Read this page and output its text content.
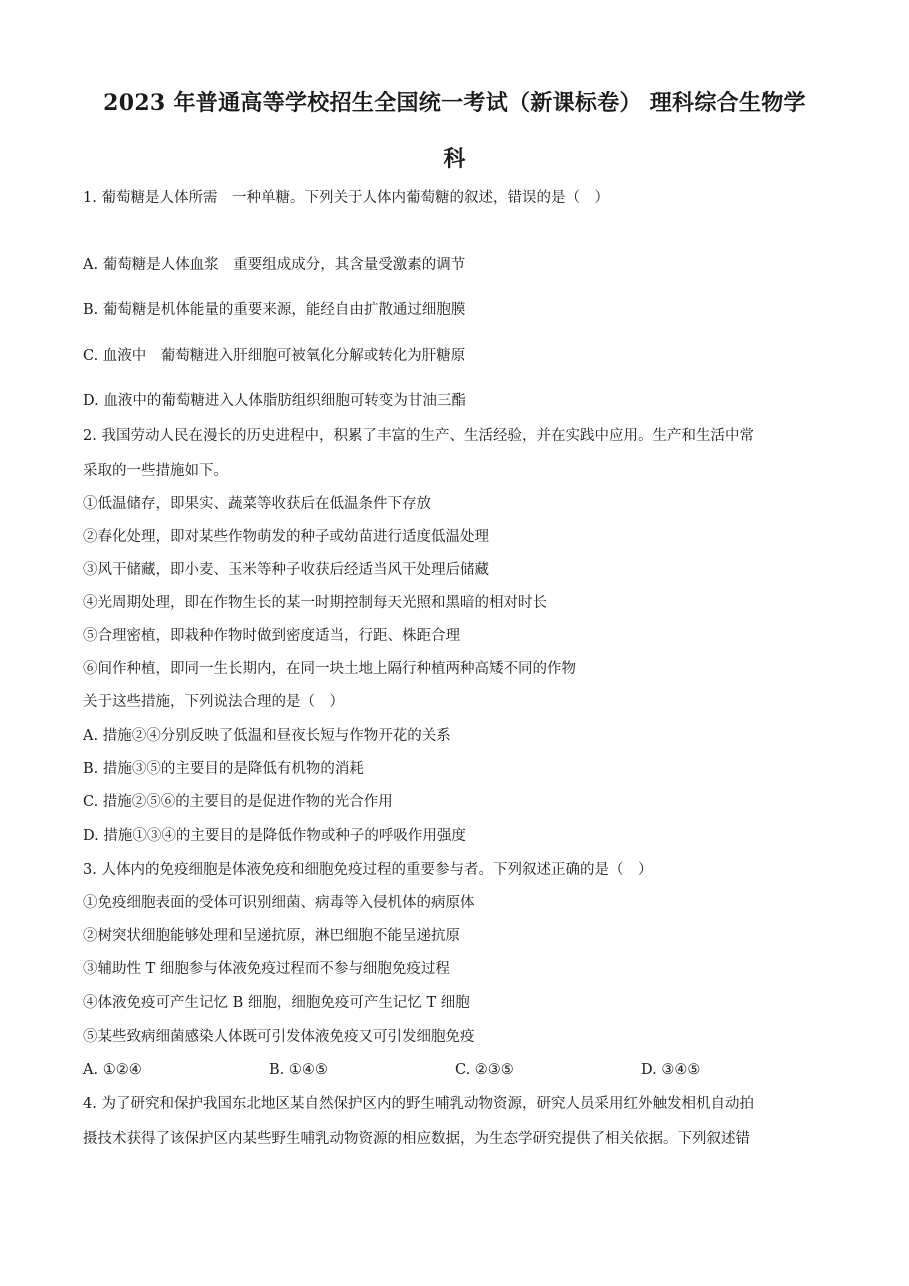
2023 年普通高等学校招生全国统一考试（新课标卷） 理科综合生物学
科
1. 葡萄糖是人体所需　一种单糖。下列关于人体内葡萄糖的叙述，错误的是（　）
A. 葡萄糖是人体血浆　重要组成成分，其含量受激素的调节
B. 葡萄糖是机体能量的重要来源，能经自由扩散通过细胞膜
C. 血液中　葡萄糖进入肝细胞可被氧化分解或转化为肝糖原
D. 血液中的葡萄糖进入人体脂肪组织细胞可转变为甘油三酯
2. 我国劳动人民在漫长的历史进程中，积累了丰富的生产、生活经验，并在实践中应用。生产和生活中常
采取的一些措施如下。
①低温储存，即果实、蔬菜等收获后在低温条件下存放
②春化处理，即对某些作物萌发的种子或幼苗进行适度低温处理
③风干储藏，即小麦、玉米等种子收获后经适当风干处理后储藏
④光周期处理，即在作物生长的某一时期控制每天光照和黑暗的相对时长
⑤合理密植，即栽种作物时做到密度适当，行距、株距合理
⑥间作种植，即同一生长期内，在同一块土地上隔行种植两种高矮不同的作物
关于这些措施，下列说法合理的是（　）
A. 措施②④分别反映了低温和昼夜长短与作物开花的关系
B. 措施③⑤的主要目的是降低有机物的消耗
C. 措施②⑤⑥的主要目的是促进作物的光合作用
D. 措施①③④的主要目的是降低作物或种子的呼吸作用强度
3. 人体内的免疫细胞是体液免疫和细胞免疫过程的重要参与者。下列叙述正确的是（　）
①免疫细胞表面的受体可识别细菌、病毒等入侵机体的病原体
②树突状细胞能够处理和呈递抗原，淋巴细胞不能呈递抗原
③辅助性 T 细胞参与体液免疫过程而不参与细胞免疫过程
④体液免疫可产生记忆 B 细胞，细胞免疫可产生记忆 T 细胞
⑤某些致病细菌感染人体既可引发体液免疫又可引发细胞免疫
A. ①②④	B. ①④⑤	C. ②③⑤	D. ③④⑤
4. 为了研究和保护我国东北地区某自然保护区内的野生哺乳动物资源，研究人员采用红外触发相机自动拍
摄技术获得了该保护区内某些野生哺乳动物资源的相应数据，为生态学研究提供了相关依据。下列叙述错
